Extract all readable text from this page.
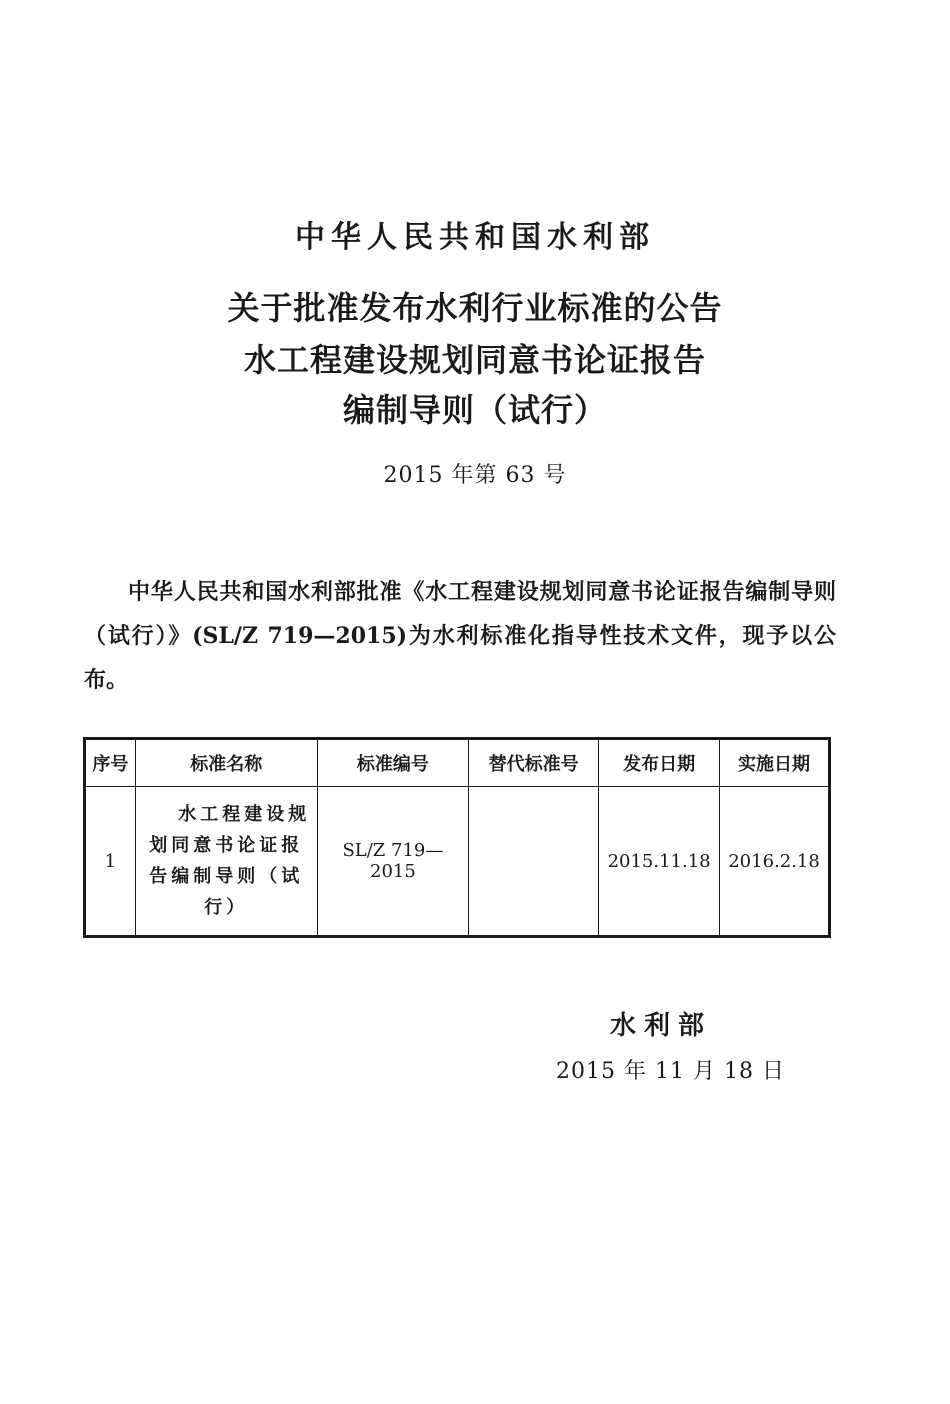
中华人民共和国水利部
关于批准发布水利行业标准的公告
水工程建设规划同意书论证报告
编制导则（试行）
2015 年第 63 号

中华人民共和国水利部批准《水工程建设规划同意书论证报告编制导则（试行）》(SL/Z 719—2015)为水利标准化指导性技术文件，现予以公布。

序号	标准名称	标准编号	替代标准号	发布日期	实施日期
1	水工程建设规
划同意书论证报
告编制导则（试
行）	SL/Z 719—2015		2015.11.18	2016.2.18
水利部
2015 年 11 月 18 日
